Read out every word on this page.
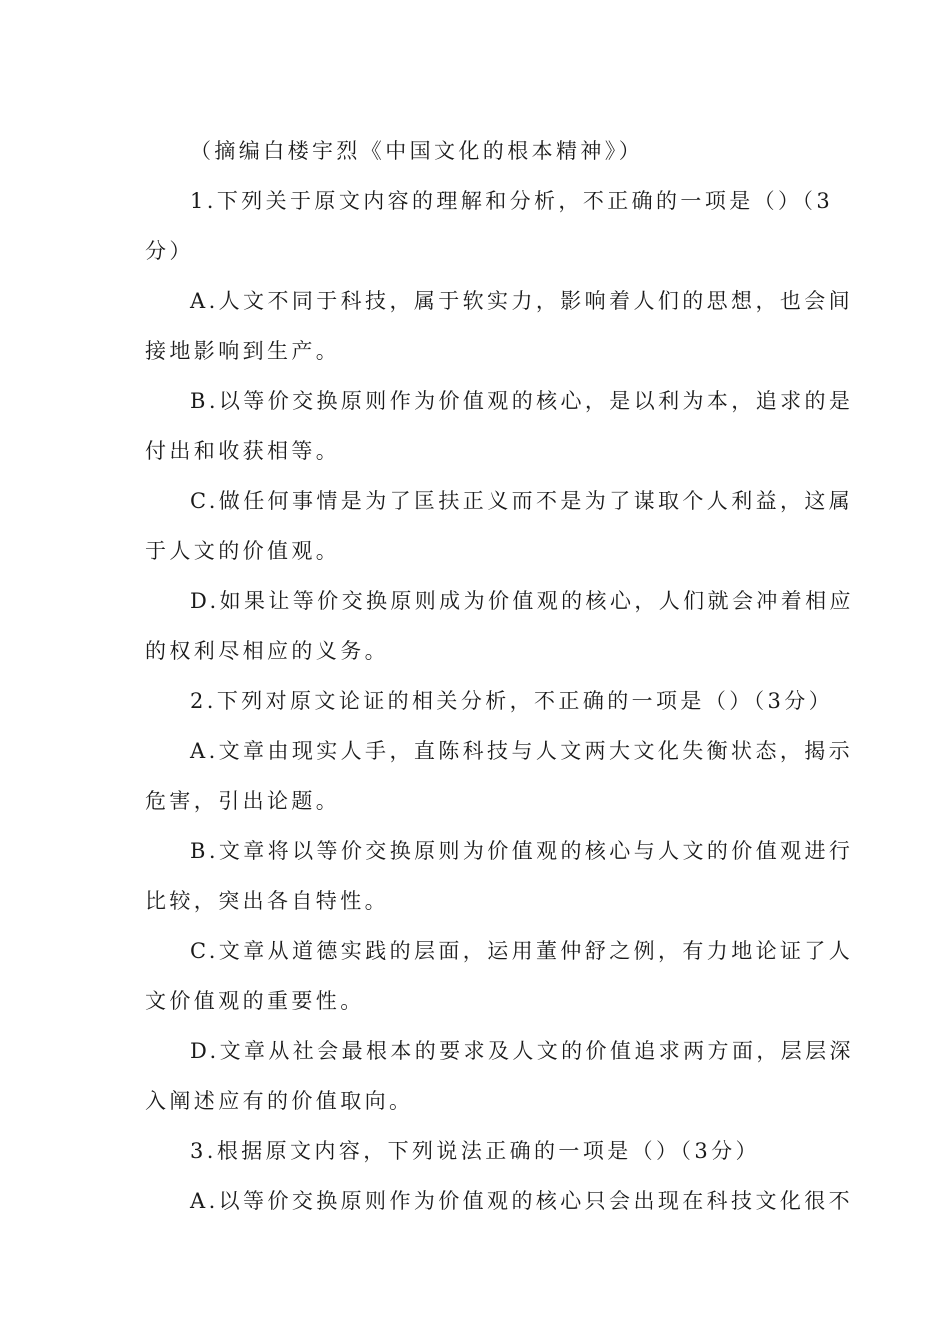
（摘编白楼宇烈《中国文化的根本精神》）
1.下列关于原文内容的理解和分析，不正确的一项是（）（3
分）
A.人文不同于科技，属于软实力，影响着人们的思想，也会间
接地影响到生产。
B.以等价交换原则作为价值观的核心，是以利为本，追求的是
付出和收获相等。
C.做任何事情是为了匡扶正义而不是为了谋取个人利益，这属
于人文的价值观。
D.如果让等价交换原则成为价值观的核心，人们就会冲着相应
的权利尽相应的义务。
2.下列对原文论证的相关分析，不正确的一项是（）（3分）
A.文章由现实人手，直陈科技与人文两大文化失衡状态，揭示
危害，引出论题。
B.文章将以等价交换原则为价值观的核心与人文的价值观进行
比较，突出各自特性。
C.文章从道德实践的层面，运用董仲舒之例，有力地论证了人
文价值观的重要性。
D.文章从社会最根本的要求及人文的价值追求两方面，层层深
入阐述应有的价值取向。
3.根据原文内容，下列说法正确的一项是（）（3分）
A.以等价交换原则作为价值观的核心只会出现在科技文化很不
